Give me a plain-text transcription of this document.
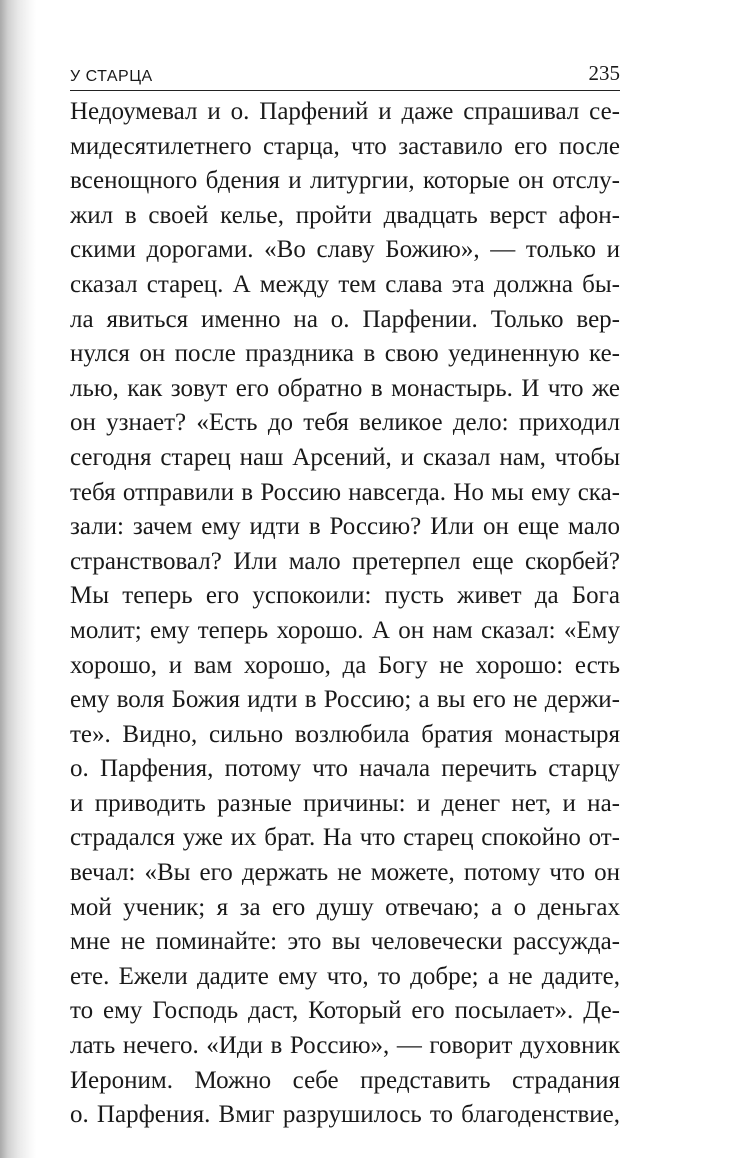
У СТАРЦА	235
Недоумевал и о. Парфений и даже спрашивал се-
мидесятилетнего старца, что заставило его после
всенощного бдения и литургии, которые он отслу-
жил в своей келье, пройти двадцать верст афон-
скими дорогами. «Во славу Божию», — только и
сказал старец. А между тем слава эта должна бы-
ла явиться именно на о. Парфении. Только вер-
нулся он после праздника в свою уединенную ке-
лью, как зовут его обратно в монастырь. И что же
он узнает? «Есть до тебя великое дело: приходил
сегодня старец наш Арсений, и сказал нам, чтобы
тебя отправили в Россию навсегда. Но мы ему ска-
зали: зачем ему идти в Россию? Или он еще мало
странствовал? Или мало претерпел еще скорбей?
Мы теперь его успокоили: пусть живет да Бога
молит; ему теперь хорошо. А он нам сказал: «Ему
хорошо, и вам хорошо, да Богу не хорошо: есть
ему воля Божия идти в Россию; а вы его не держи-
те». Видно, сильно возлюбила братия монастыря
о. Парфения, потому что начала перечить старцу
и приводить разные причины: и денег нет, и на-
страдался уже их брат. На что старец спокойно от-
вечал: «Вы его держать не можете, потому что он
мой ученик; я за его душу отвечаю; а о деньгах
мне не поминайте: это вы человечески рассужда-
ете. Ежели дадите ему что, то добре; а не дадите,
то ему Господь даст, Который его посылает». Де-
лать нечего. «Иди в Россию», — говорит духовник
Иероним. Можно себе представить страдания
о. Парфения. Вмиг разрушилось то благоденствие,
